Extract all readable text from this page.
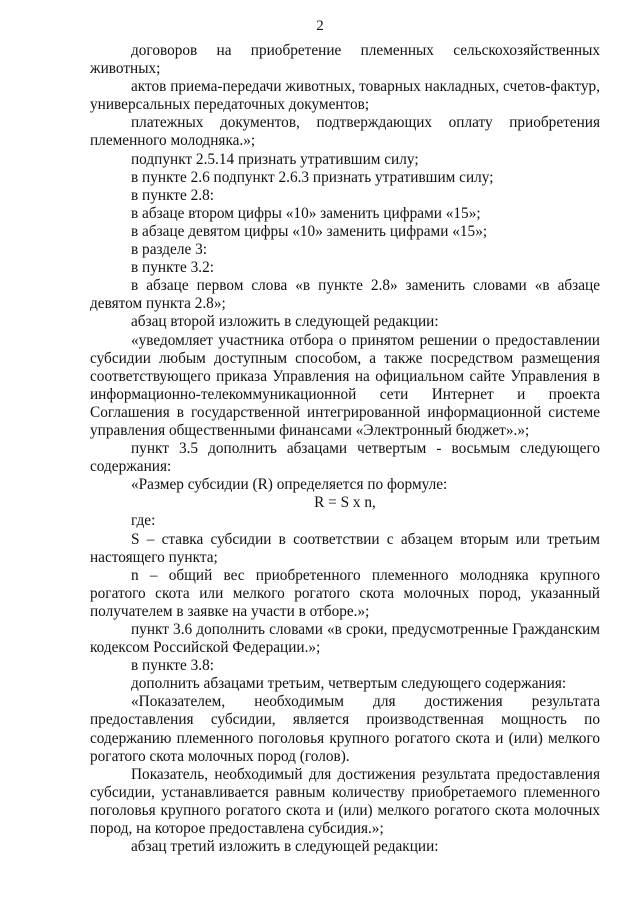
2

договоров на приобретение племенных сельскохозяйственных животных;

актов приема-передачи животных, товарных накладных, счетов-фактур, универсальных передаточных документов;

платежных документов, подтверждающих оплату приобретения племенного молодняка.»;

подпункт 2.5.14 признать утратившим силу;

в пункте 2.6 подпункт 2.6.3 признать утратившим силу;

в пункте 2.8:

в абзаце втором цифры «10» заменить цифрами «15»;

в абзаце девятом цифры «10» заменить цифрами «15»;

в разделе 3:

в пункте 3.2:

в абзаце первом слова «в пункте 2.8» заменить словами «в абзаце девятом пункта 2.8»;

абзац второй изложить в следующей редакции:

«уведомляет участника отбора о принятом решении о предоставлении субсидии любым доступным способом, а также посредством размещения соответствующего приказа Управления на официальном сайте Управления в информационно-телекоммуникационной сети Интернет и проекта Соглашения в государственной интегрированной информационной системе управления общественными финансами «Электронный бюджет».»;

пункт 3.5 дополнить абзацами четвертым - восьмым следующего содержания:

«Размер субсидии (R) определяется по формуле:

R = S x n,

где:

S – ставка субсидии в соответствии с абзацем вторым или третьим настоящего пункта;

n – общий вес приобретенного племенного молодняка крупного рогатого скота или мелкого рогатого скота молочных пород, указанный получателем в заявке на участи в отборе.»;

пункт 3.6 дополнить словами «в сроки, предусмотренные Гражданским кодексом Российской Федерации.»;

в пункте 3.8:

дополнить абзацами третьим, четвертым следующего содержания:

«Показателем, необходимым для достижения результата предоставления субсидии, является производственная мощность по содержанию племенного поголовья крупного рогатого скота и (или) мелкого рогатого скота молочных пород (голов).

Показатель, необходимый для достижения результата предоставления субсидии, устанавливается равным количеству приобретаемого племенного поголовья крупного рогатого скота и (или) мелкого рогатого скота молочных пород, на которое предоставлена субсидия.»;

абзац третий изложить в следующей редакции:
